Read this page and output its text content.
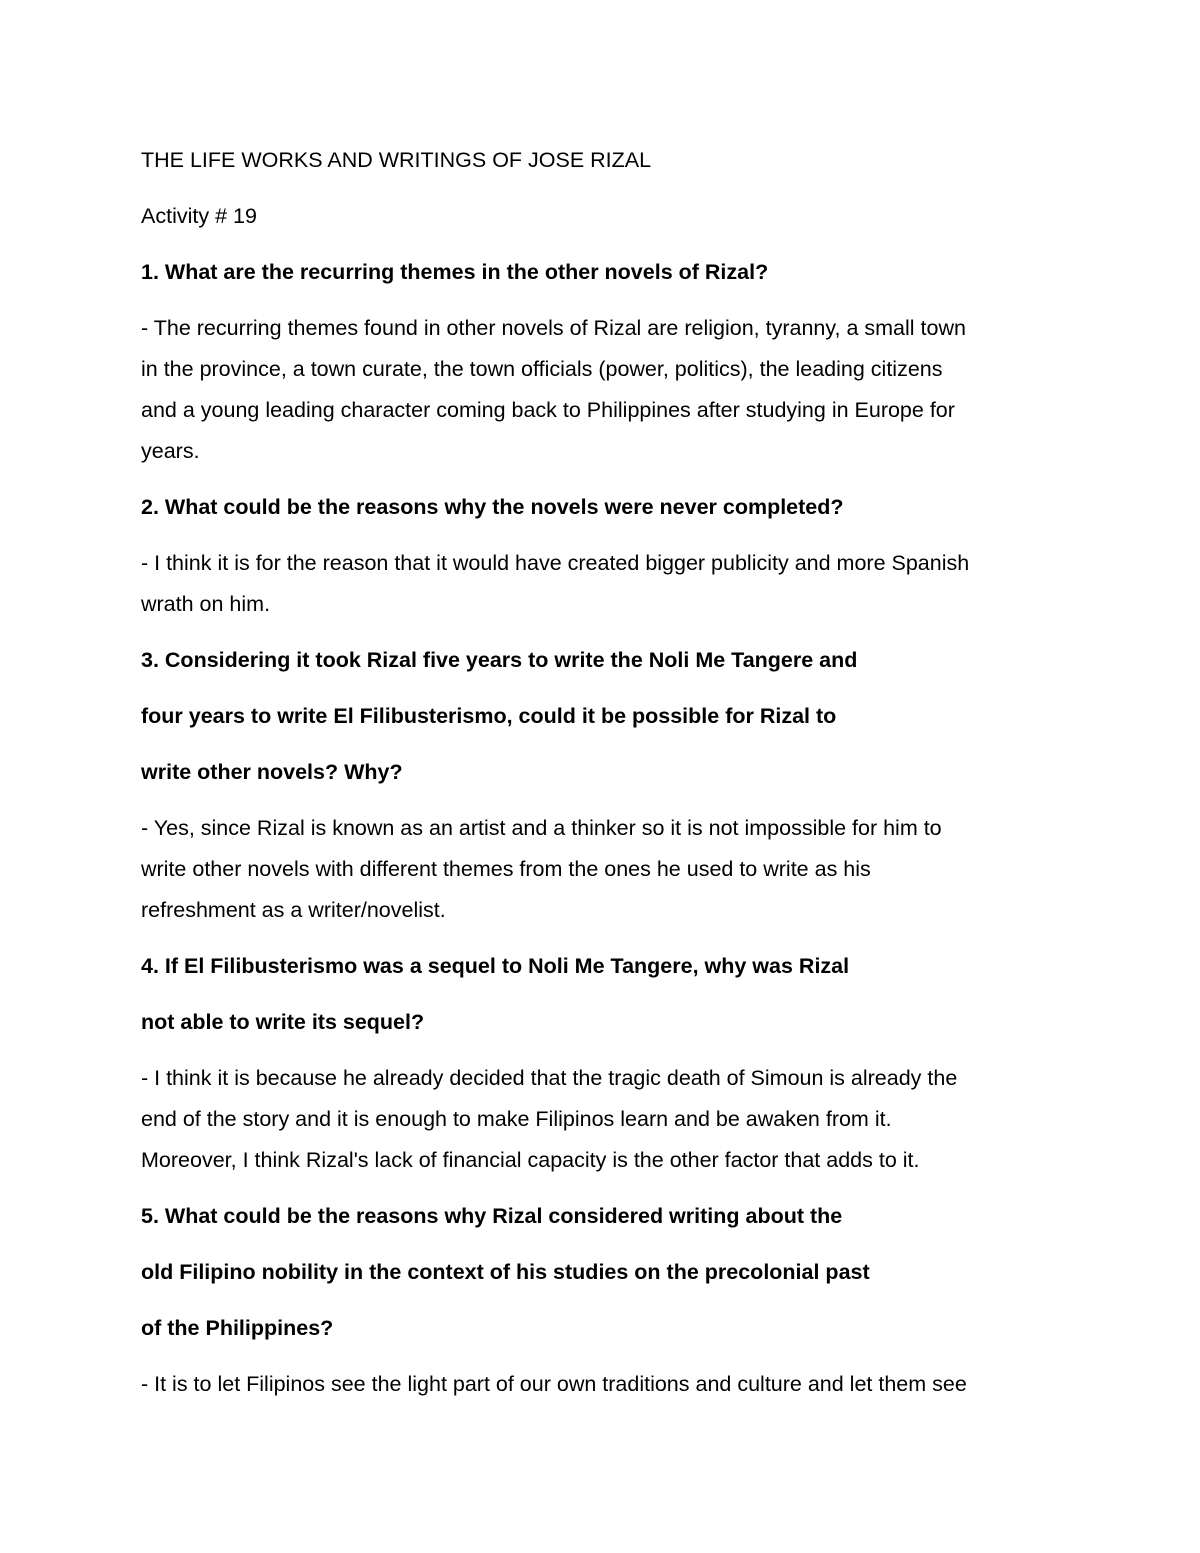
THE LIFE WORKS AND WRITINGS OF JOSE RIZAL

Activity # 19

1. What are the recurring themes in the other novels of Rizal?

- The recurring themes found in other novels of Rizal are religion, tyranny, a small town

in the province, a town curate, the town officials (power, politics), the leading citizens

and a young leading character coming back to Philippines after studying in Europe for

years.

2. What could be the reasons why the novels were never completed?

- I think it is for the reason that it would have created bigger publicity and more Spanish

wrath on him.

3. Considering it took Rizal five years to write the Noli Me Tangere and

four years to write El Filibusterismo, could it be possible for Rizal to

write other novels? Why?

- Yes, since Rizal is known as an artist and a thinker so it is not impossible for him to

write other novels with different themes from the ones he used to write as his

refreshment as a writer/novelist.

4. If El Filibusterismo was a sequel to Noli Me Tangere, why was Rizal

not able to write its sequel?

- I think it is because he already decided that the tragic death of Simoun is already the

end of the story and it is enough to make Filipinos learn and be awaken from it.

Moreover, I think Rizal's lack of financial capacity is the other factor that adds to it.

5. What could be the reasons why Rizal considered writing about the

old Filipino nobility in the context of his studies on the precolonial past

of the Philippines?

- It is to let Filipinos see the light part of our own traditions and culture and let them see
